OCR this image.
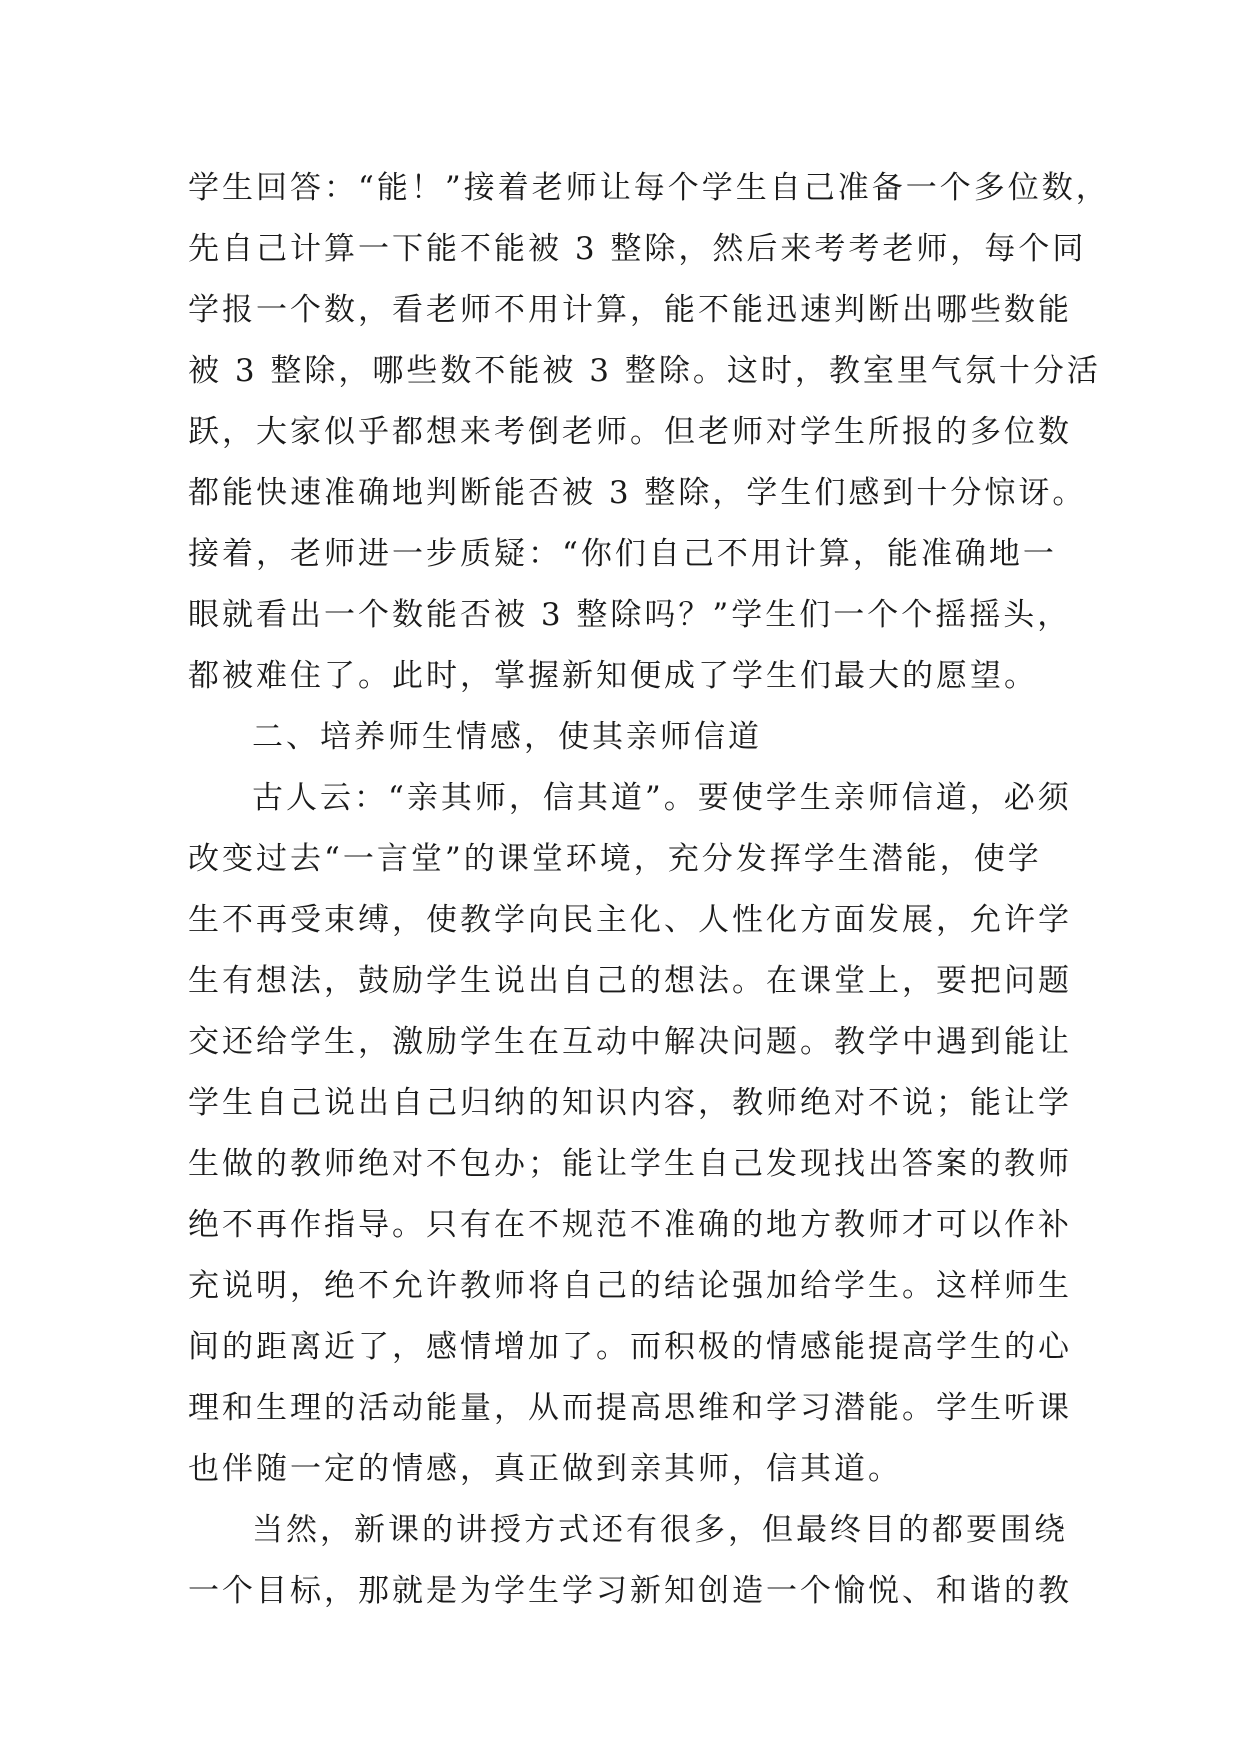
学生回答：“能！”接着老师让每个学生自己准备一个多位数，
先自己计算一下能不能被 3 整除，然后来考考老师，每个同
学报一个数，看老师不用计算，能不能迅速判断出哪些数能
被 3 整除，哪些数不能被 3 整除。这时，教室里气氛十分活
跃，大家似乎都想来考倒老师。但老师对学生所报的多位数
都能快速准确地判断能否被 3 整除，学生们感到十分惊讶。
接着，老师进一步质疑：“你们自己不用计算，能准确地一
眼就看出一个数能否被 3 整除吗？”学生们一个个摇摇头，
都被难住了。此时，掌握新知便成了学生们最大的愿望。
二、培养师生情感，使其亲师信道
古人云：“亲其师，信其道”。要使学生亲师信道，必须
改变过去“一言堂”的课堂环境，充分发挥学生潜能，使学
生不再受束缚，使教学向民主化、人性化方面发展，允许学
生有想法，鼓励学生说出自己的想法。在课堂上，要把问题
交还给学生，激励学生在互动中解决问题。教学中遇到能让
学生自己说出自己归纳的知识内容，教师绝对不说；能让学
生做的教师绝对不包办；能让学生自己发现找出答案的教师
绝不再作指导。只有在不规范不准确的地方教师才可以作补
充说明，绝不允许教师将自己的结论强加给学生。这样师生
间的距离近了，感情增加了。而积极的情感能提高学生的心
理和生理的活动能量，从而提高思维和学习潜能。学生听课
也伴随一定的情感，真正做到亲其师，信其道。
当然，新课的讲授方式还有很多，但最终目的都要围绕
一个目标，那就是为学生学习新知创造一个愉悦、和谐的教
